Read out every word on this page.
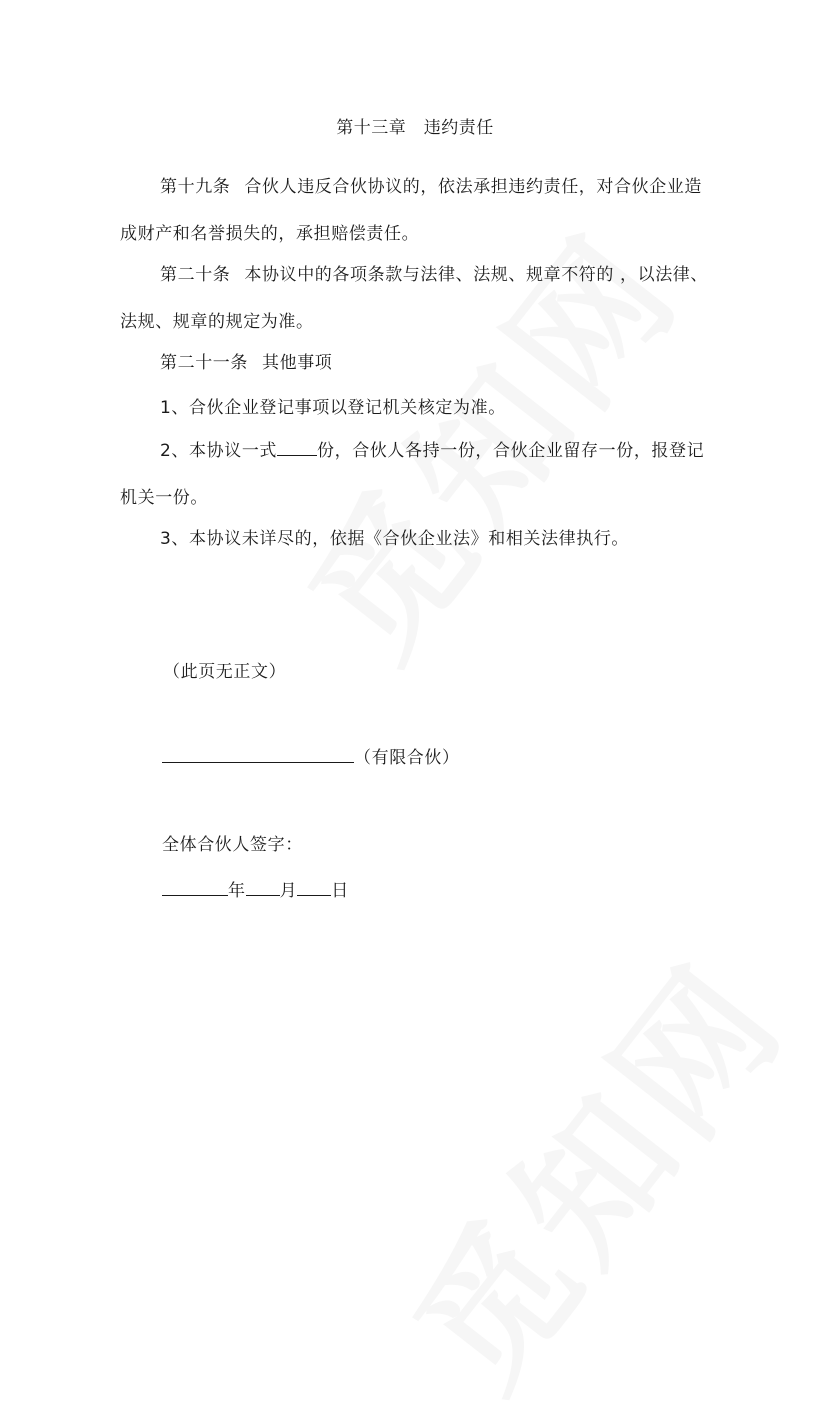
第十三章　违约责任

第十九条 合伙人违反合伙协议的，依法承担违约责任，对合伙企业造成财产和名誉损失的，承担赔偿责任。

第二十条 本协议中的各项条款与法律、法规、规章不符的 ，以法律、法规、规章的规定为准。

第二十一条 其他事项

1、合伙企业登记事项以登记机关核定为准。

2、本协议一式 份，合伙人各持一份，合伙企业留存一份，报登记机关一份。

3、本协议未详尽的，依据《合伙企业法》和相关法律执行。

（此页无正文）
（有限合伙）
全体合伙人签字：
年 月 日
